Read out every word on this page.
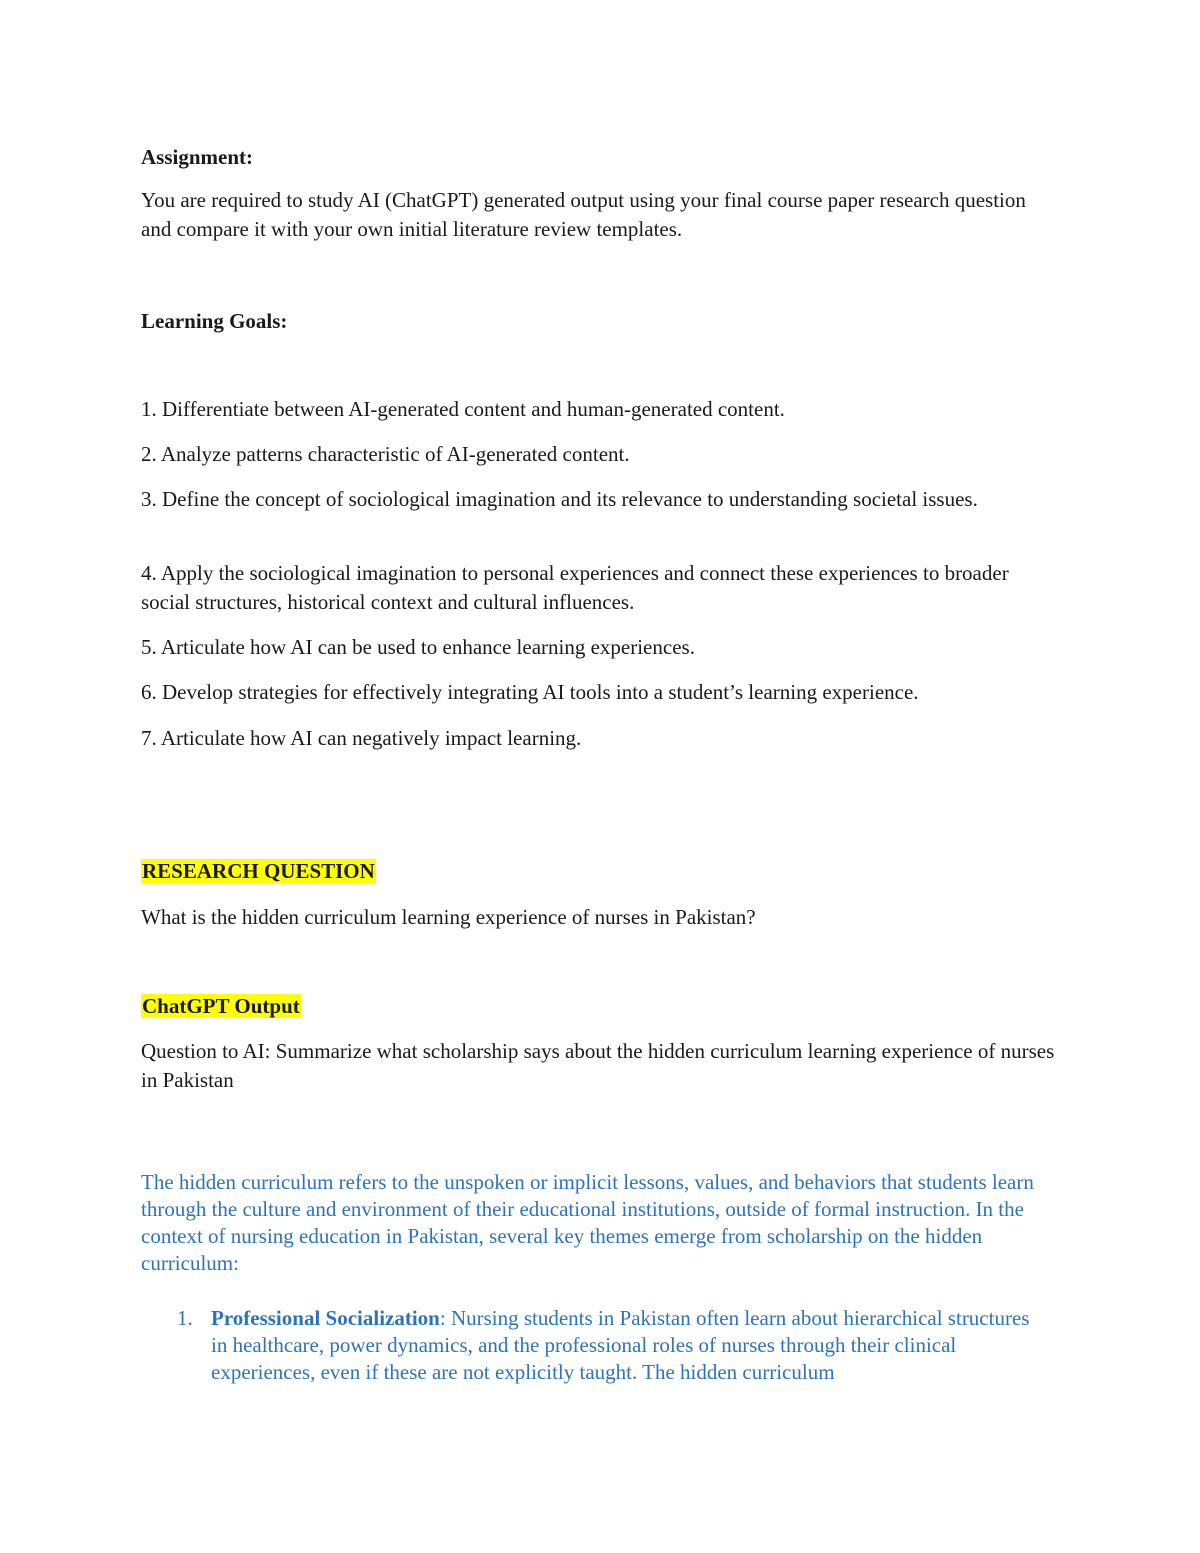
Assignment:

You are required to study AI (ChatGPT) generated output using your final course paper research question and compare it with your own initial literature review templates.

Learning Goals:

1. Differentiate between AI-generated content and human-generated content.

2. Analyze patterns characteristic of AI-generated content.

3. Define the concept of sociological imagination and its relevance to understanding societal issues.

4. Apply the sociological imagination to personal experiences and connect these experiences to broader social structures, historical context and cultural influences.

5. Articulate how AI can be used to enhance learning experiences.

6. Develop strategies for effectively integrating AI tools into a student’s learning experience.

7. Articulate how AI can negatively impact learning.

RESEARCH QUESTION

What is the hidden curriculum learning experience of nurses in Pakistan?

ChatGPT Output

Question to AI: Summarize what scholarship says about the hidden curriculum learning experience of nurses in Pakistan

The hidden curriculum refers to the unspoken or implicit lessons, values, and behaviors that students learn through the culture and environment of their educational institutions, outside of formal instruction. In the context of nursing education in Pakistan, several key themes emerge from scholarship on the hidden curriculum:

1. Professional Socialization: Nursing students in Pakistan often learn about hierarchical structures in healthcare, power dynamics, and the professional roles of nurses through their clinical experiences, even if these are not explicitly taught. The hidden curriculum
